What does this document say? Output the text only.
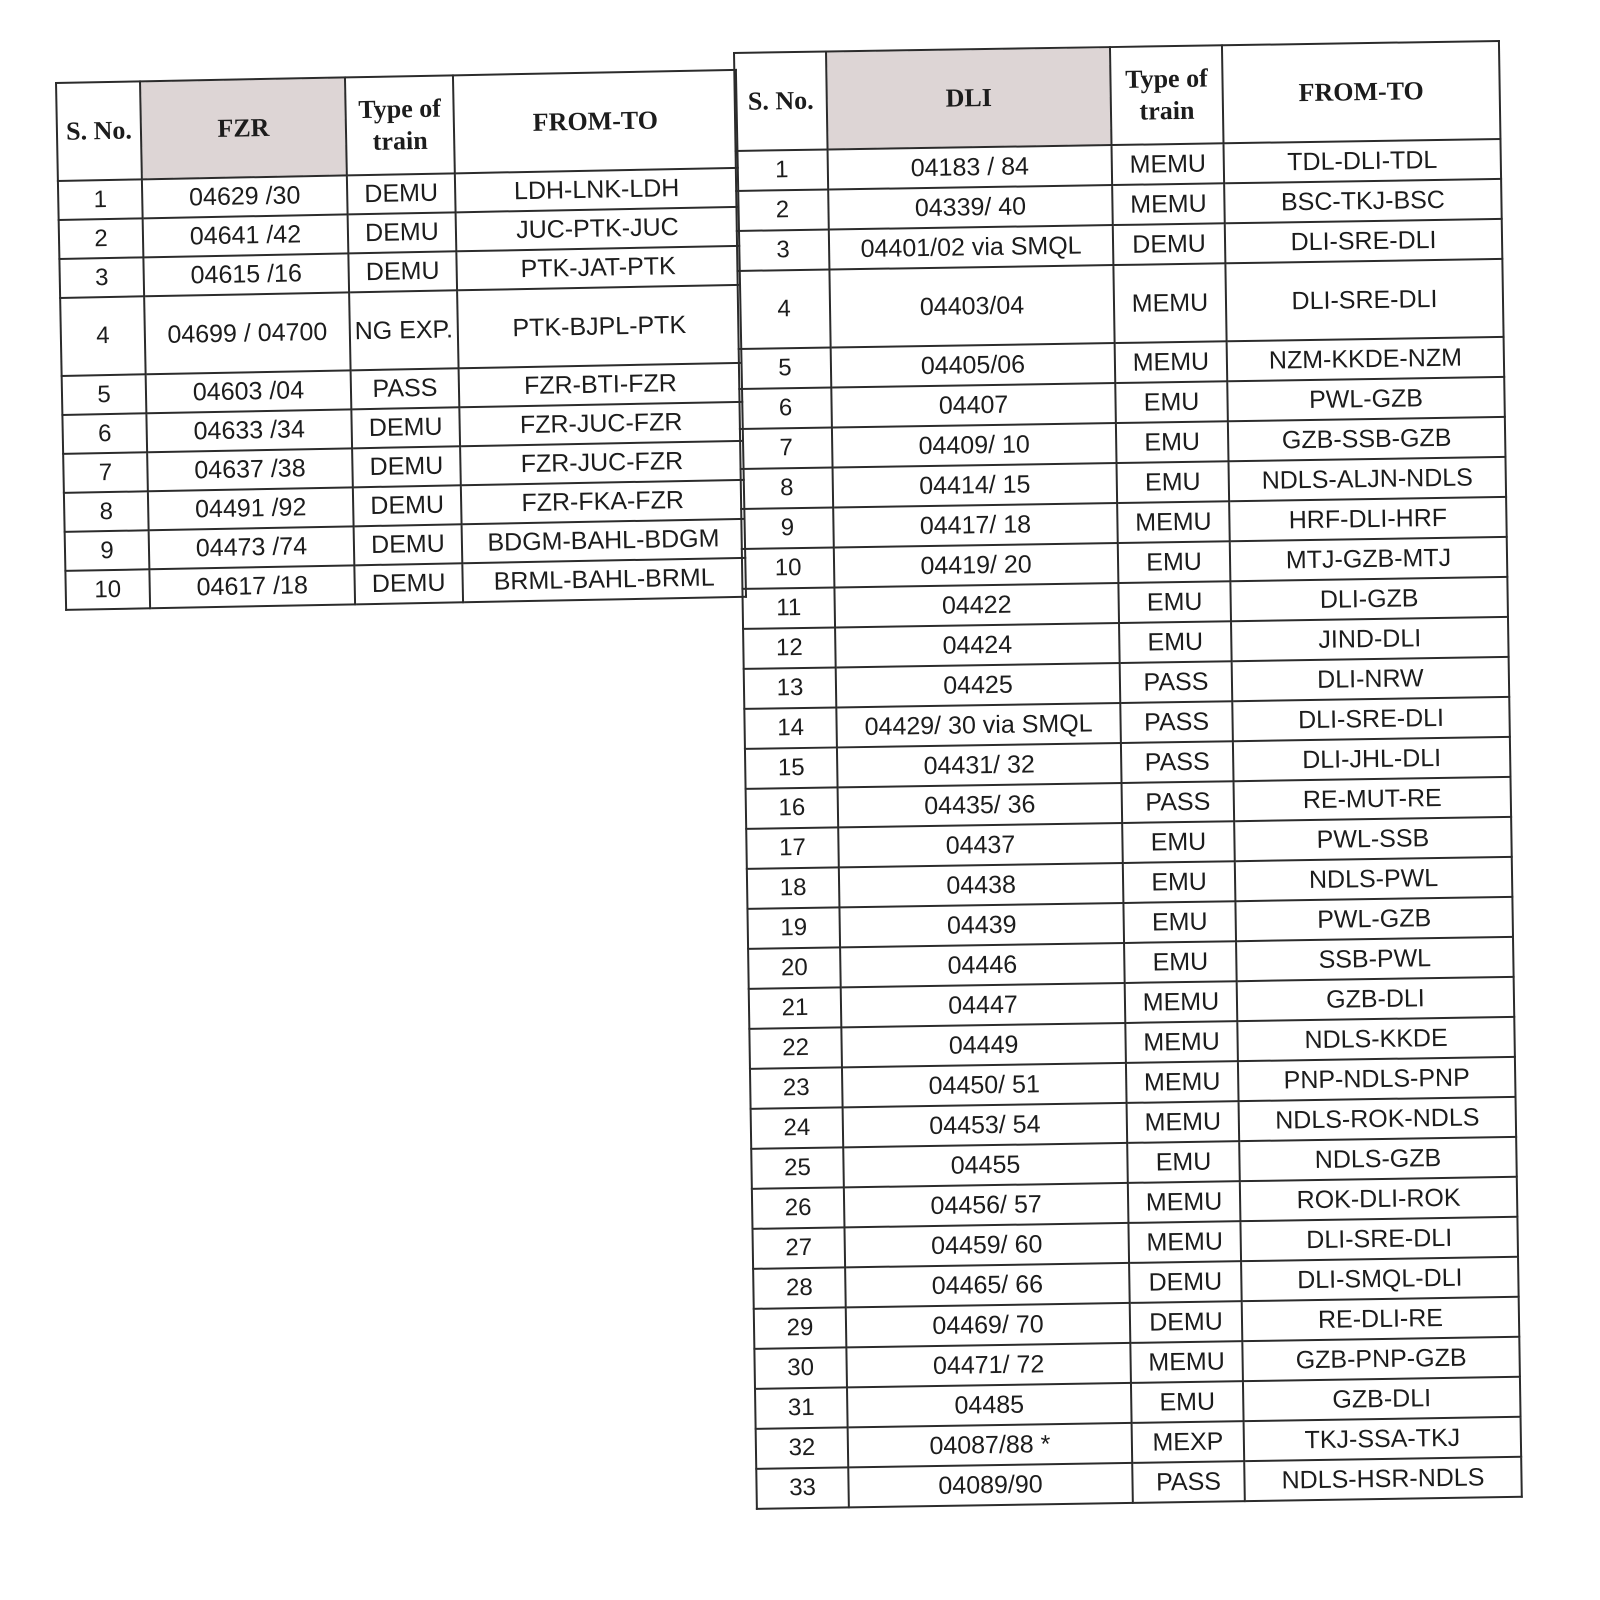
S. No.	FZR	Type of train	FROM-TO
1	04629 /30	DEMU	LDH-LNK-LDH
2	04641 /42	DEMU	JUC-PTK-JUC
3	04615 /16	DEMU	PTK-JAT-PTK
4	04699 / 04700	NG EXP.	PTK-BJPL-PTK
5	04603 /04	PASS	FZR-BTI-FZR
6	04633 /34	DEMU	FZR-JUC-FZR
7	04637 /38	DEMU	FZR-JUC-FZR
8	04491 /92	DEMU	FZR-FKA-FZR
9	04473 /74	DEMU	BDGM-BAHL-BDGM
10	04617 /18	DEMU	BRML-BAHL-BRML
S. No.	DLI	Type of train	FROM-TO
1	04183 / 84	MEMU	TDL-DLI-TDL
2	04339/ 40	MEMU	BSC-TKJ-BSC
3	04401/02 via SMQL	DEMU	DLI-SRE-DLI
4	04403/04	MEMU	DLI-SRE-DLI
5	04405/06	MEMU	NZM-KKDE-NZM
6	04407	EMU	PWL-GZB
7	04409/ 10	EMU	GZB-SSB-GZB
8	04414/ 15	EMU	NDLS-ALJN-NDLS
9	04417/ 18	MEMU	HRF-DLI-HRF
10	04419/ 20	EMU	MTJ-GZB-MTJ
11	04422	EMU	DLI-GZB
12	04424	EMU	JIND-DLI
13	04425	PASS	DLI-NRW
14	04429/ 30 via SMQL	PASS	DLI-SRE-DLI
15	04431/ 32	PASS	DLI-JHL-DLI
16	04435/ 36	PASS	RE-MUT-RE
17	04437	EMU	PWL-SSB
18	04438	EMU	NDLS-PWL
19	04439	EMU	PWL-GZB
20	04446	EMU	SSB-PWL
21	04447	MEMU	GZB-DLI
22	04449	MEMU	NDLS-KKDE
23	04450/ 51	MEMU	PNP-NDLS-PNP
24	04453/ 54	MEMU	NDLS-ROK-NDLS
25	04455	EMU	NDLS-GZB
26	04456/ 57	MEMU	ROK-DLI-ROK
27	04459/ 60	MEMU	DLI-SRE-DLI
28	04465/ 66	DEMU	DLI-SMQL-DLI
29	04469/ 70	DEMU	RE-DLI-RE
30	04471/ 72	MEMU	GZB-PNP-GZB
31	04485	EMU	GZB-DLI
32	04087/88 *	MEXP	TKJ-SSA-TKJ
33	04089/90	PASS	NDLS-HSR-NDLS
